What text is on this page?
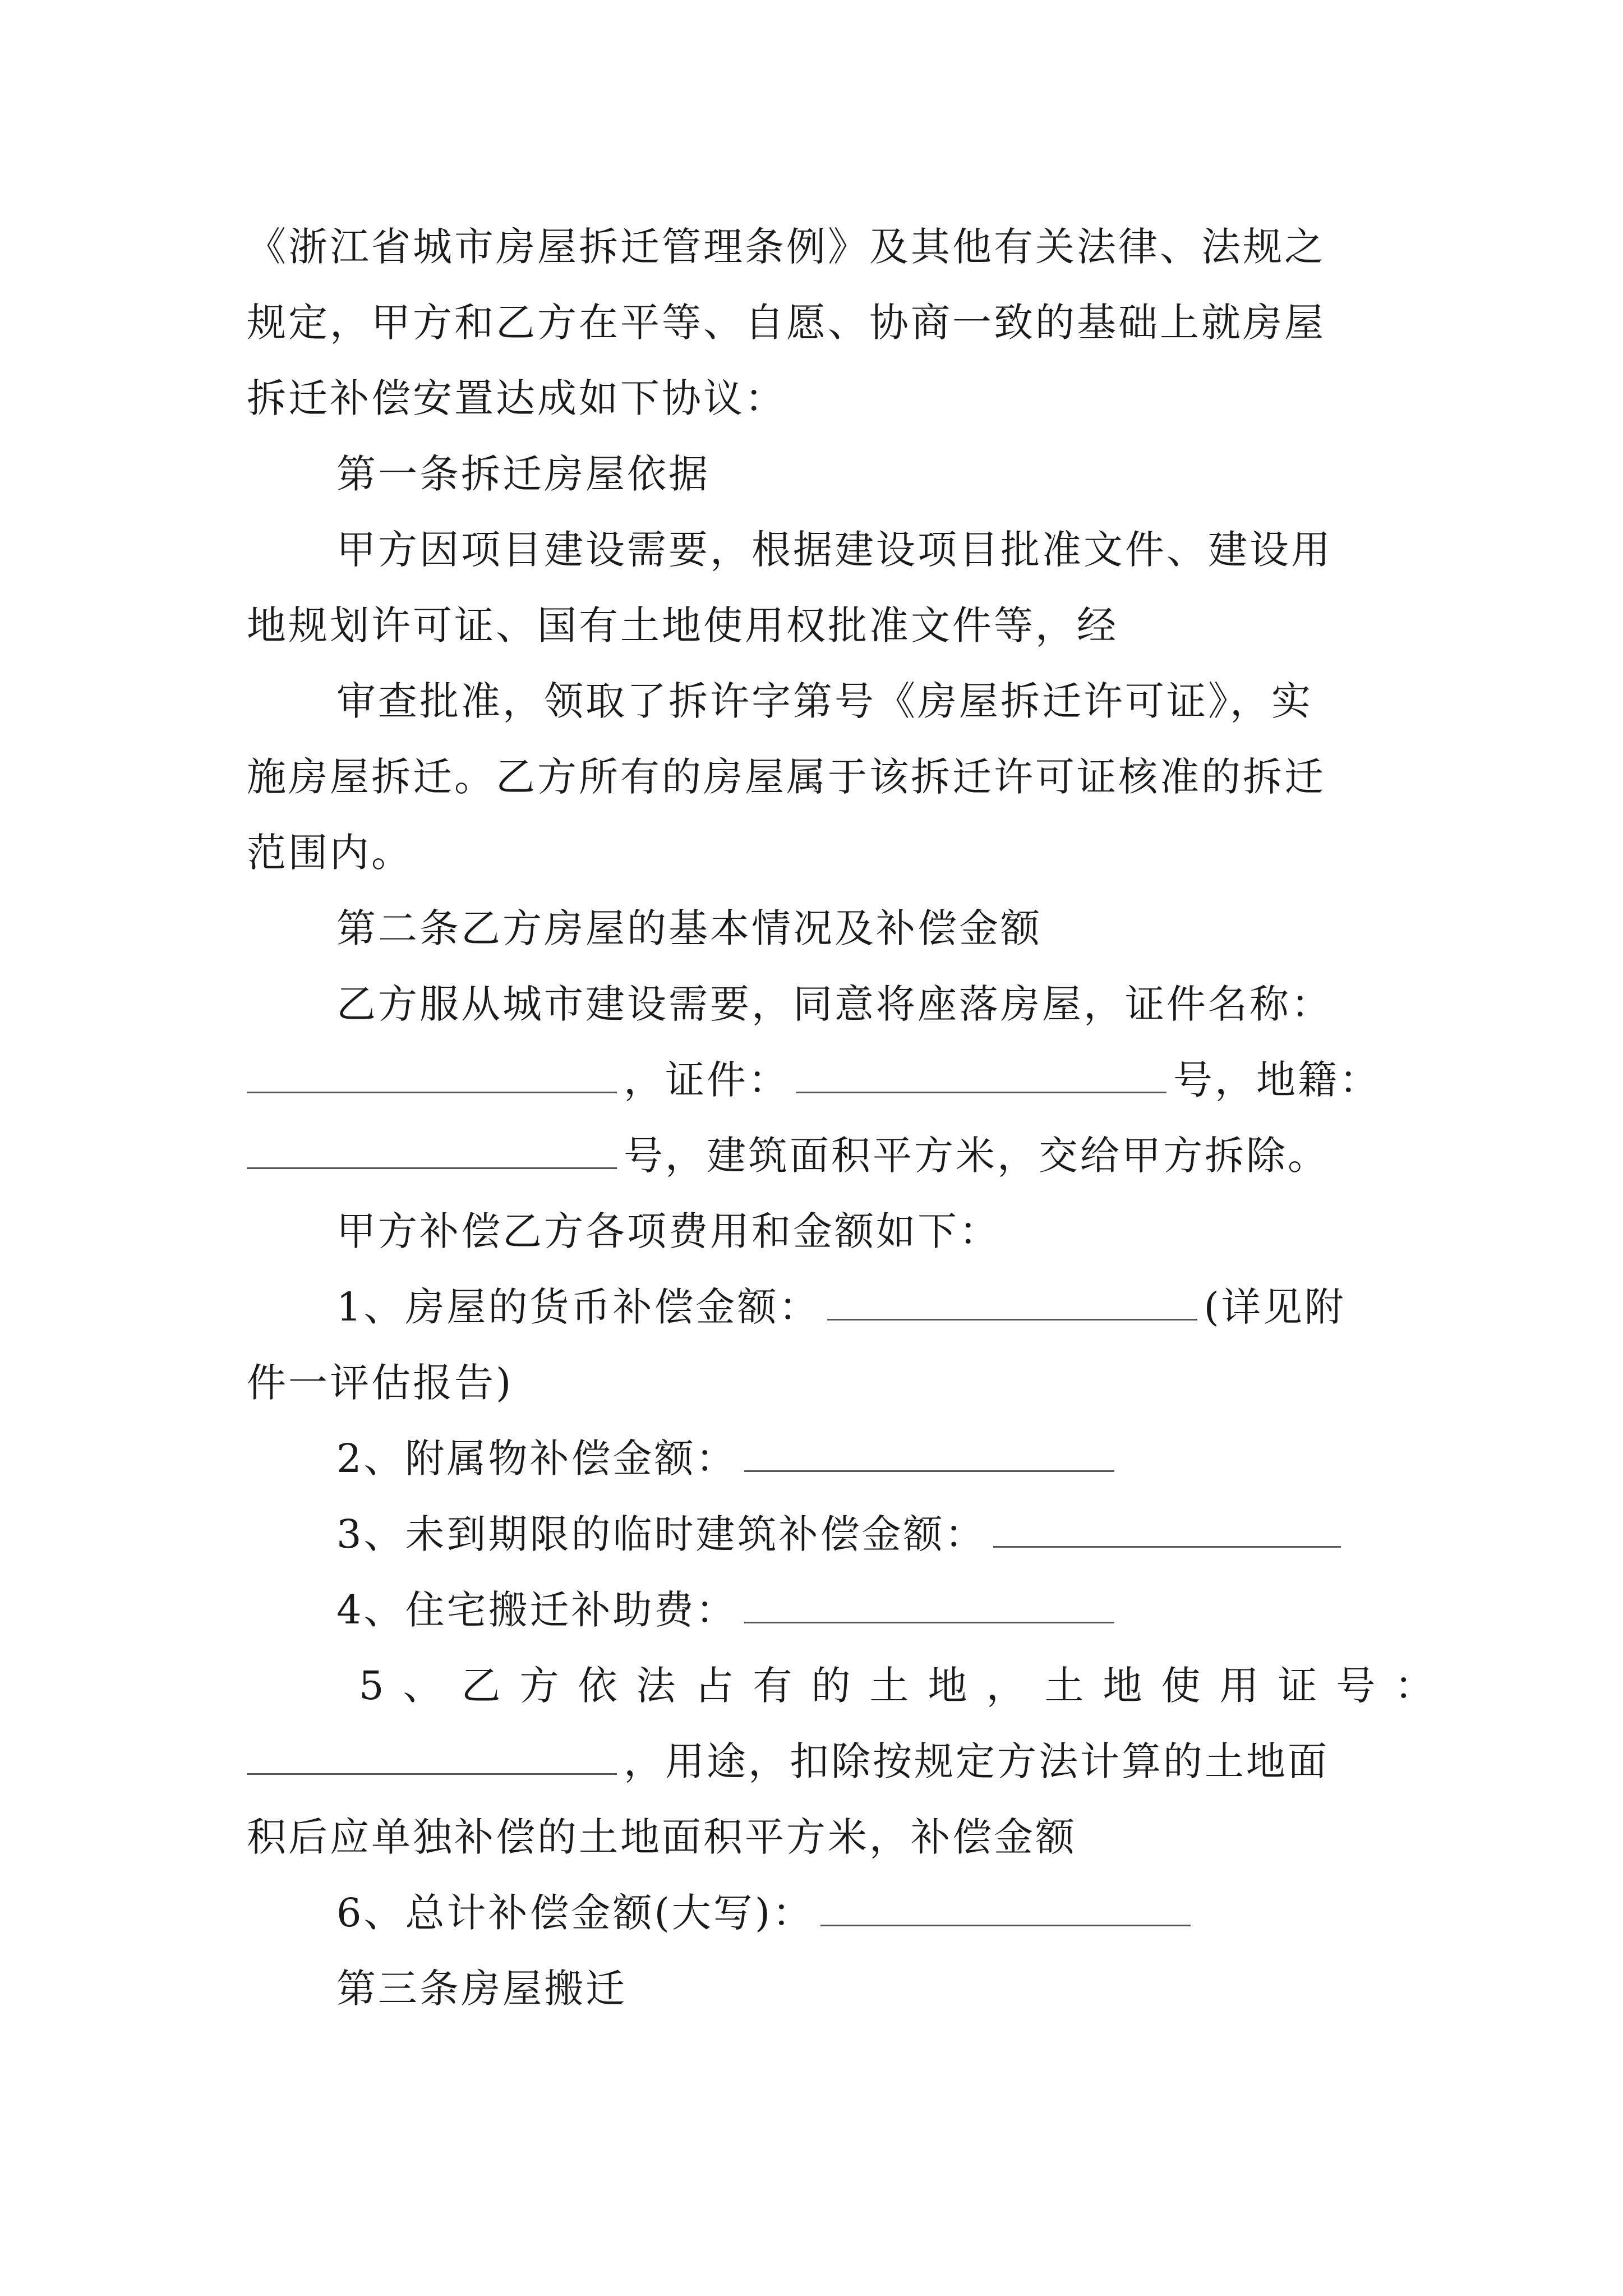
《浙江省城市房屋拆迁管理条例》及其他有关法律、法规之
规定，甲方和乙方在平等、自愿、协商一致的基础上就房屋
拆迁补偿安置达成如下协议：
第一条拆迁房屋依据
甲方因项目建设需要，根据建设项目批准文件、建设用
地规划许可证、国有土地使用权批准文件等，经
审查批准，领取了拆许字第号《房屋拆迁许可证》，实
施房屋拆迁。乙方所有的房屋属于该拆迁许可证核准的拆迁
范围内。
第二条乙方房屋的基本情况及补偿金额
乙方服从城市建设需要，同意将座落房屋，证件名称：
，证件：	号，地籍：
号，建筑面积平方米，交给甲方拆除。
甲方补偿乙方各项费用和金额如下：
1、房屋的货币补偿金额：	(详见附
件一评估报告)
2、附属物补偿金额：
3、未到期限的临时建筑补偿金额：
4、住宅搬迁补助费：
5、乙方依法占有的土地，土地使用证号：
，用途，扣除按规定方法计算的土地面
积后应单独补偿的土地面积平方米，补偿金额
6、总计补偿金额(大写)：
第三条房屋搬迁
